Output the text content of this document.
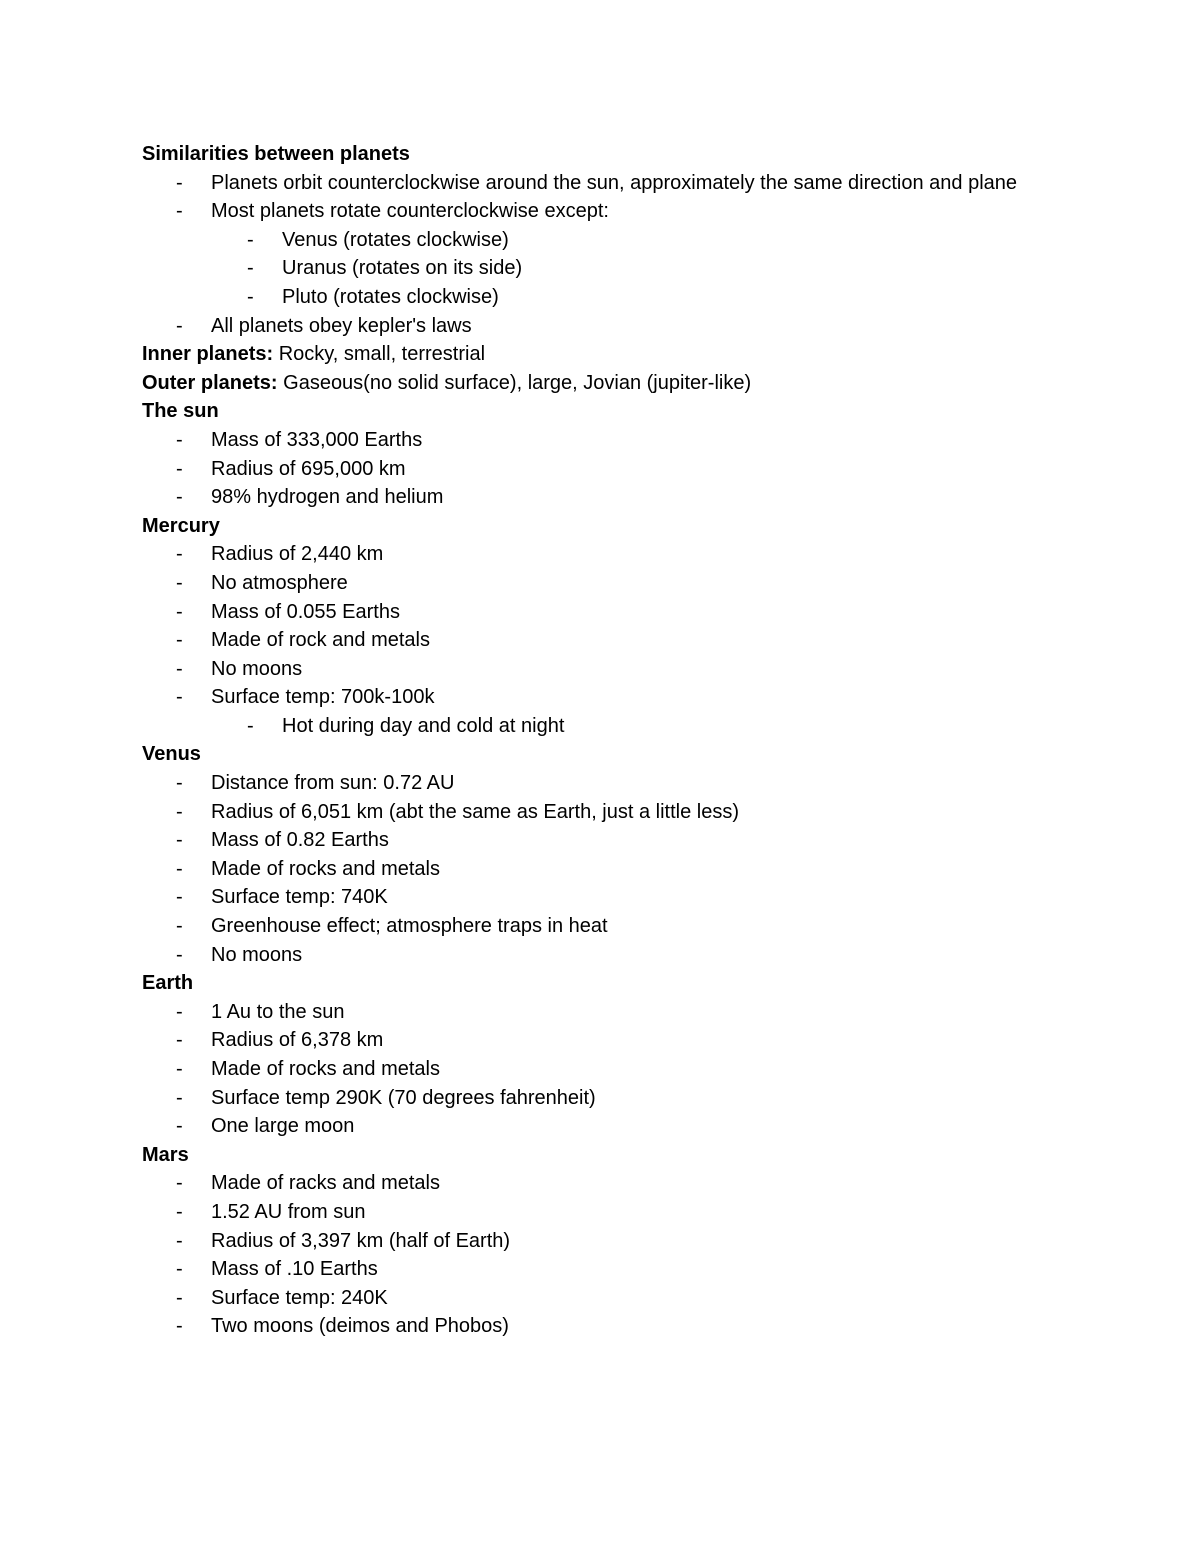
Similarities between planets
- Planets orbit counterclockwise around the sun, approximately the same direction and plane
- Most planets rotate counterclockwise except:
- Venus (rotates clockwise)
- Uranus (rotates on its side)
- Pluto (rotates clockwise)
- All planets obey kepler's laws
Inner planets: Rocky, small, terrestrial
Outer planets: Gaseous(no solid surface), large, Jovian (jupiter-like)
The sun
- Mass of 333,000 Earths
- Radius of 695,000 km
- 98% hydrogen and helium
Mercury
- Radius of 2,440 km
- No atmosphere
- Mass of 0.055 Earths
- Made of rock and metals
- No moons
- Surface temp: 700k-100k
- Hot during day and cold at night
Venus
- Distance from sun: 0.72 AU
- Radius of 6,051 km (abt the same as Earth, just a little less)
- Mass of 0.82 Earths
- Made of rocks and metals
- Surface temp: 740K
- Greenhouse effect; atmosphere traps in heat
- No moons
Earth
- 1 Au to the sun
- Radius of 6,378 km
- Made of rocks and metals
- Surface temp 290K (70 degrees fahrenheit)
- One large moon
Mars
- Made of racks and metals
- 1.52 AU from sun
- Radius of 3,397 km (half of Earth)
- Mass of .10 Earths
- Surface temp: 240K
- Two moons (deimos and Phobos)
